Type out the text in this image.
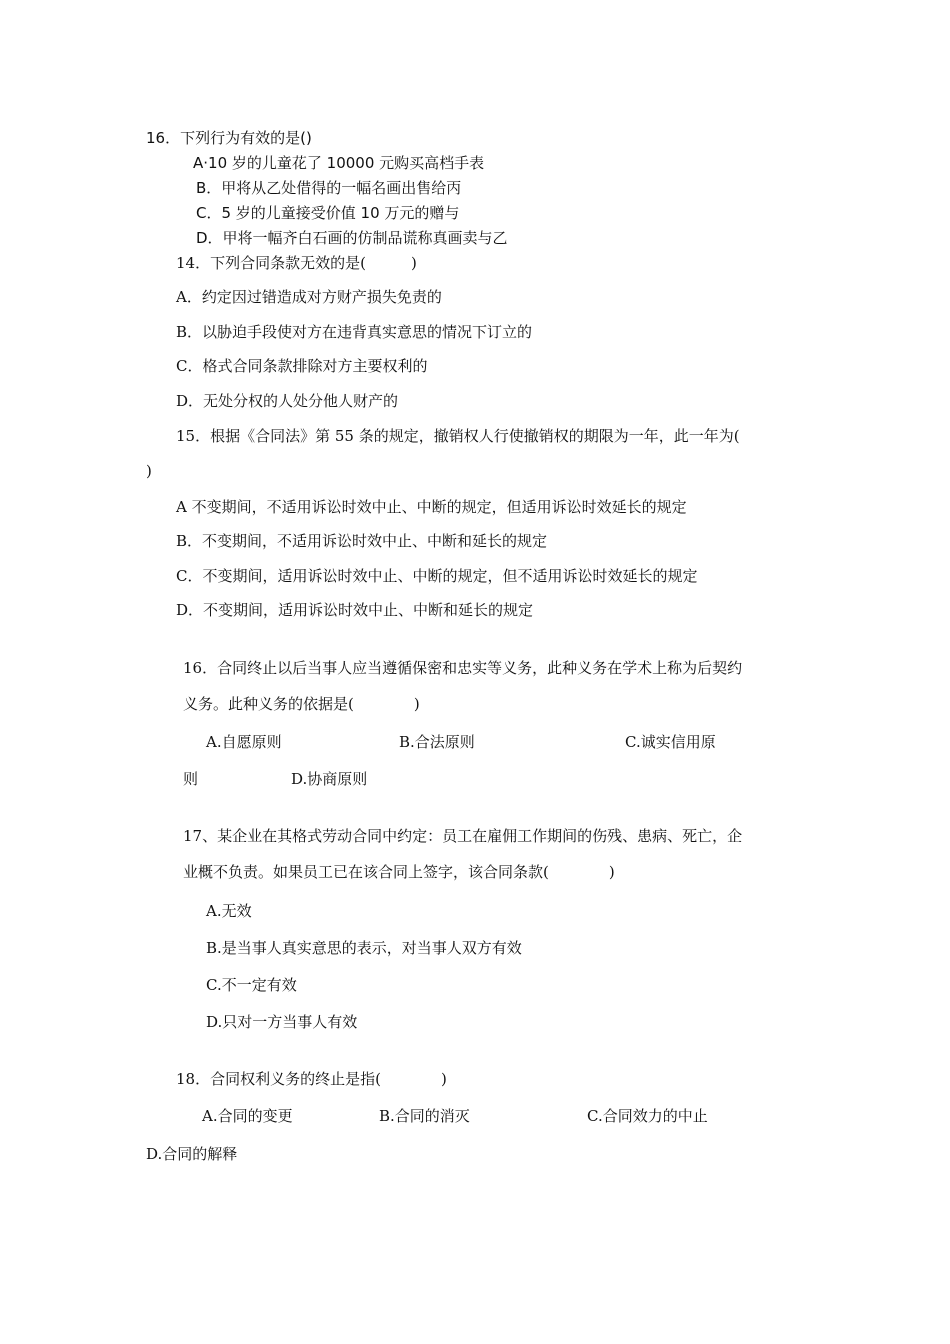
16．下列行为有效的是()
A·10 岁的儿童花了 10000 元购买高档手表
B．甲将从乙处借得的一幅名画出售给丙
C．5 岁的儿童接受价值 10 万元的赠与
D．甲将一幅齐白石画的仿制品谎称真画卖与乙
14．下列合同条款无效的是(　　　)
A．约定因过错造成对方财产损失免责的
B．以胁迫手段使对方在违背真实意思的情况下订立的
C．格式合同条款排除对方主要权利的
D．无处分权的人处分他人财产的
15．根据《合同法》第 55 条的规定，撤销权人行使撤销权的期限为一年，此一年为(
)
A 不变期间，不适用诉讼时效中止、中断的规定，但适用诉讼时效延长的规定
B．不变期间，不适用诉讼时效中止、中断和延长的规定
C．不变期间，适用诉讼时效中止、中断的规定，但不适用诉讼时效延长的规定
D．不变期间，适用诉讼时效中止、中断和延长的规定
16．合同终止以后当事人应当遵循保密和忠实等义务，此种义务在学术上称为后契约
义务。此种义务的依据是(　　　　)
A.自愿原则	B.合法原则	C.诚实信用原
则	D.协商原则
17、某企业在其格式劳动合同中约定：员工在雇佣工作期间的伤残、患病、死亡，企
业概不负责。如果员工已在该合同上签字，该合同条款(　　　　)
A.无效
B.是当事人真实意思的表示，对当事人双方有效
C.不一定有效
D.只对一方当事人有效
18．合同权利义务的终止是指(　　　　)
A.合同的变更	B.合同的消灭	C.合同效力的中止
D.合同的解释
